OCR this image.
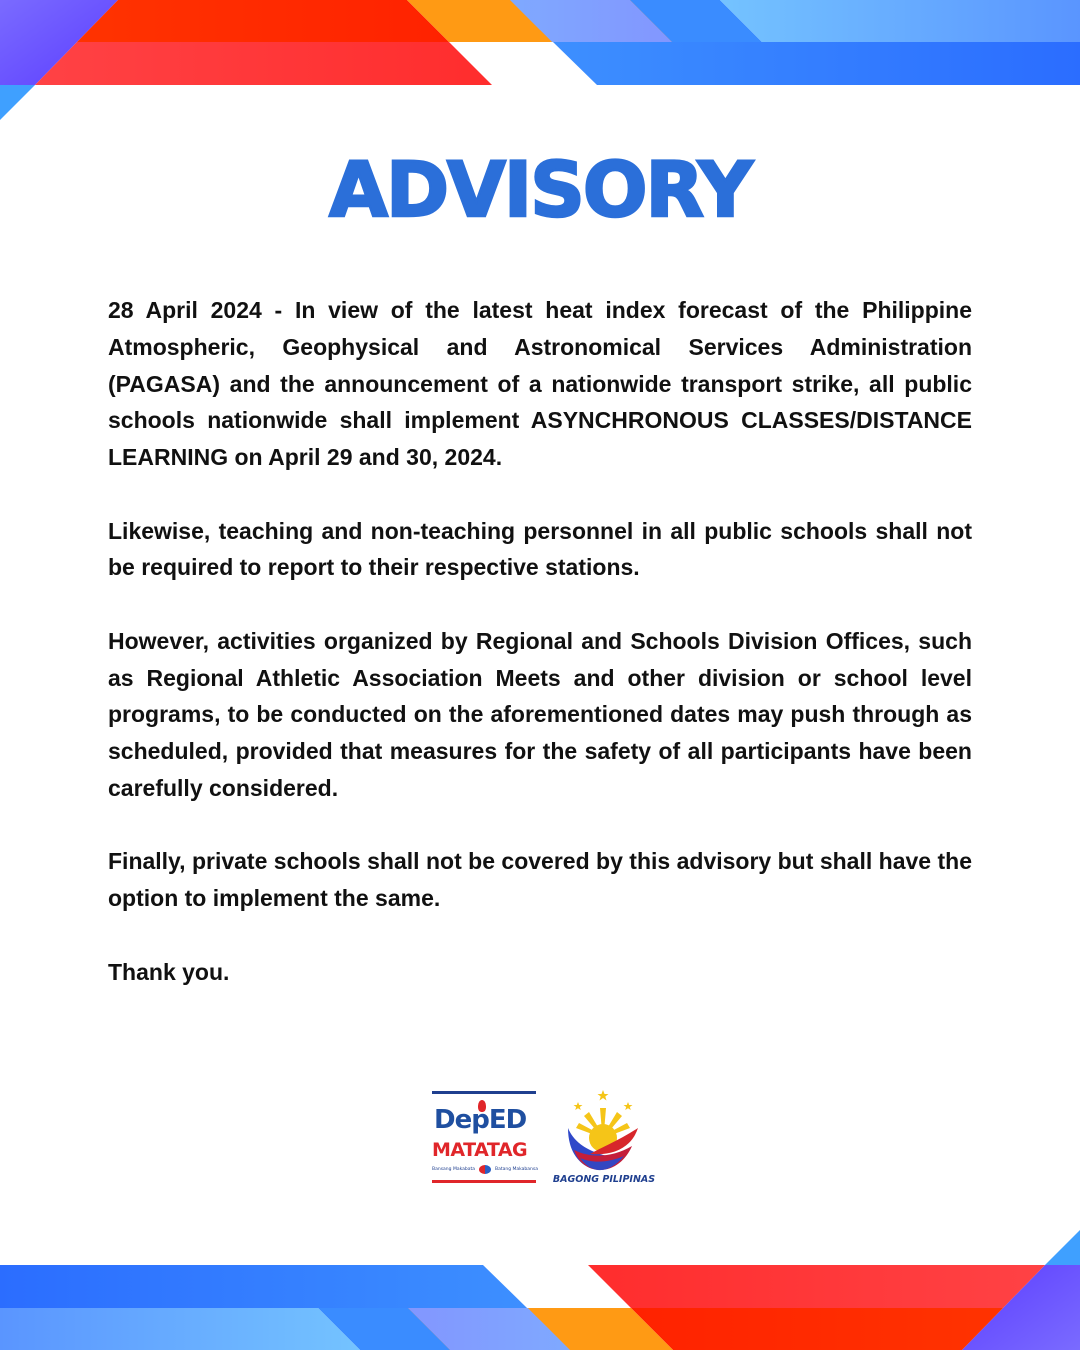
ADVISORY

28 April 2024 - In view of the latest heat index forecast of the Philippine Atmospheric, Geophysical and Astronomical Services Administration (PAGASA) and the announcement of a nationwide transport strike, all public schools nationwide shall implement ASYNCHRONOUS CLASSES/DISTANCE LEARNING on April 29 and 30, 2024.

Likewise, teaching and non-teaching personnel in all public schools shall not be required to report to their respective stations.

However, activities organized by Regional and Schools Division Offices, such as Regional Athletic Association Meets and other division or school level programs, to be conducted on the aforementioned dates may push through as scheduled, provided that measures for the safety of all participants have been carefully considered.

Finally, private schools shall not be covered by this advisory but shall have the option to implement the same.

Thank you.

DepED
MATATAG
Bansang Makabata	Batang Makabansa
BAGONG PILIPINAS
